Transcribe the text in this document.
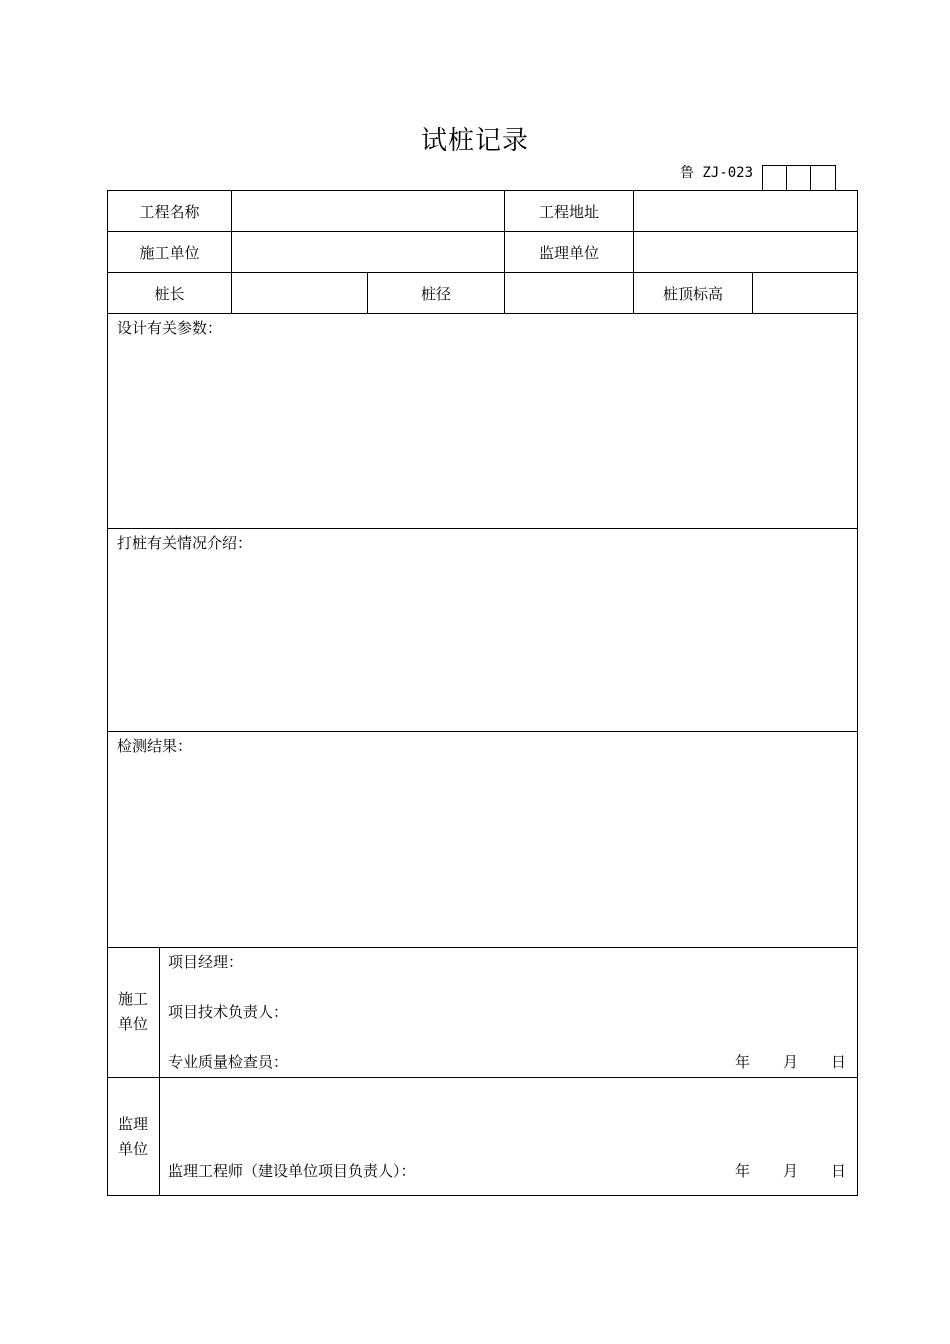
试桩记录
鲁 ZJ-023
工程名称	工程地址
施工单位	监理单位
桩长	桩径	桩顶标高
设计有关参数：
打桩有关情况介绍：
检测结果：
施工
单位
项目经理：
项目技术负责人：
专业质量检查员：	年 月 日
监理
单位
监理工程师（建设单位项目负责人）：	年 月 日
